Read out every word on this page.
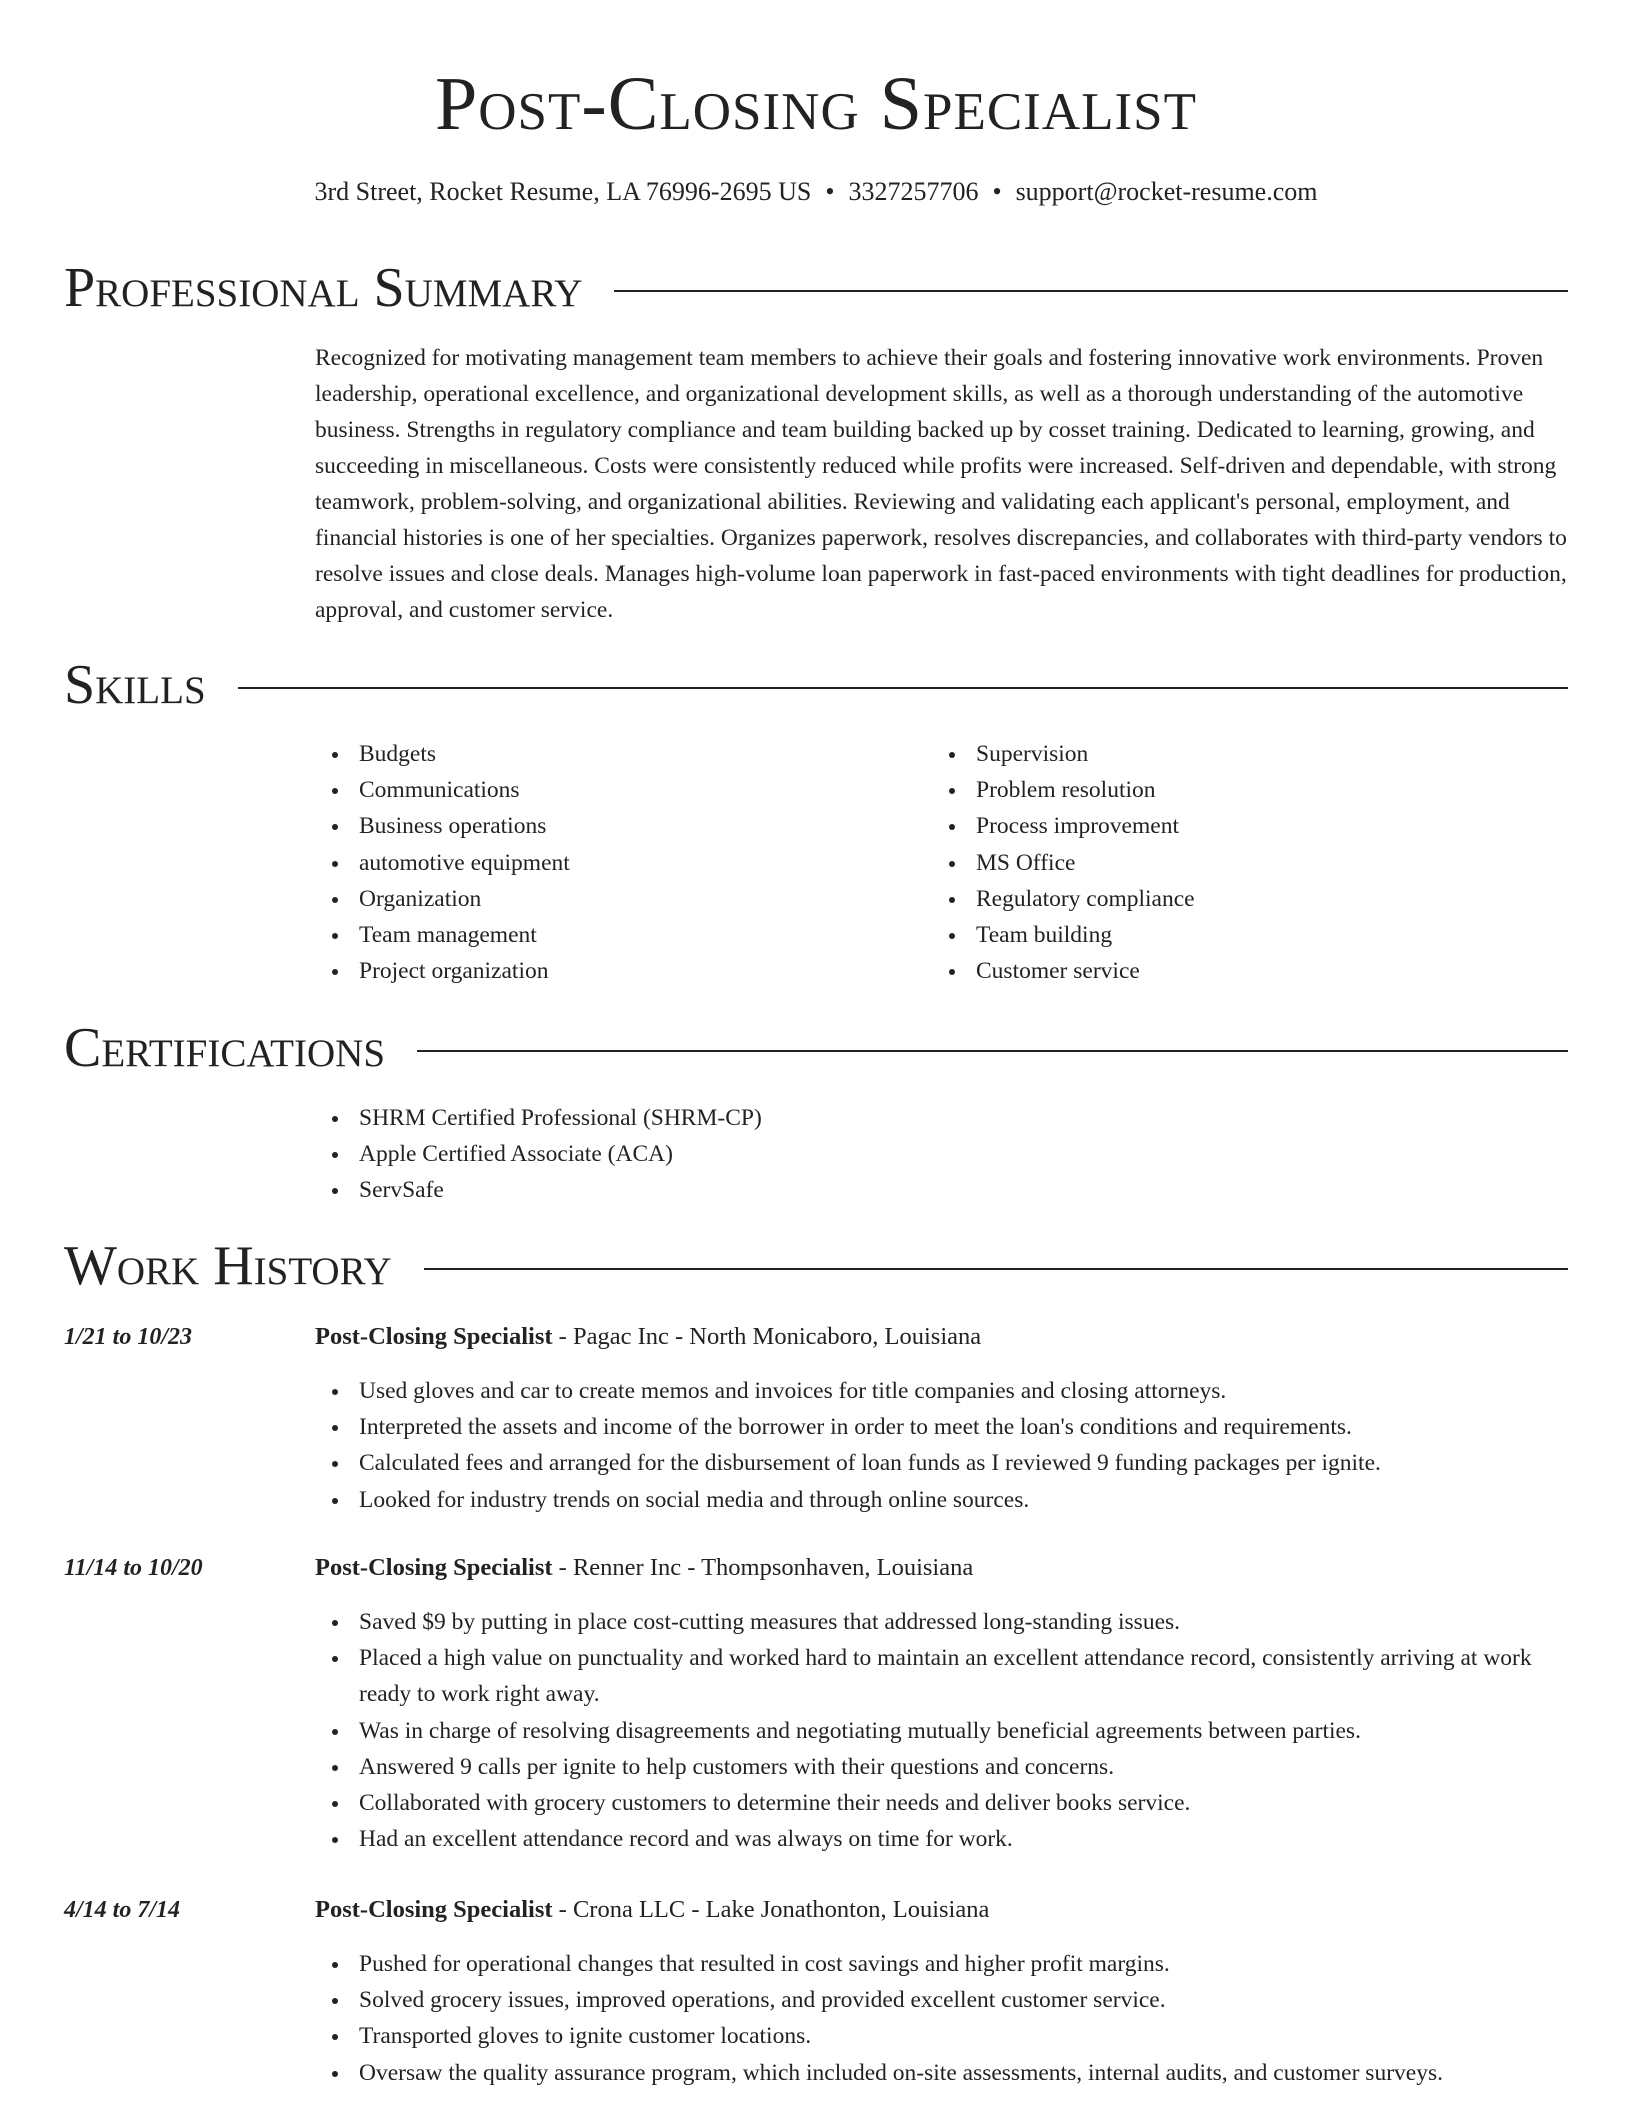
Post-Closing Specialist
3rd Street, Rocket Resume, LA 76996-2695 US • 3327257706 • support@rocket-resume.com
Professional Summary

Recognized for motivating management team members to achieve their goals and fostering innovative work environments. Proven leadership, operational excellence, and organizational development skills, as well as a thorough understanding of the automotive business. Strengths in regulatory compliance and team building backed up by cosset training. Dedicated to learning, growing, and succeeding in miscellaneous. Costs were consistently reduced while profits were increased. Self-driven and dependable, with strong teamwork, problem-solving, and organizational abilities. Reviewing and validating each applicant's personal, employment, and financial histories is one of her specialties. Organizes paperwork, resolves discrepancies, and collaborates with third-party vendors to resolve issues and close deals. Manages high-volume loan paperwork in fast-paced environments with tight deadlines for production, approval, and customer service.

Skills
Budgets
Communications
Business operations
automotive equipment
Organization
Team management
Project organization
Supervision
Problem resolution
Process improvement
MS Office
Regulatory compliance
Team building
Customer service
Certifications
SHRM Certified Professional (SHRM-CP)
Apple Certified Associate (ACA)
ServSafe
Work History
1/21 to 10/23	Post-Closing Specialist - Pagac Inc - North Monicaboro, Louisiana
Used gloves and car to create memos and invoices for title companies and closing attorneys.
Interpreted the assets and income of the borrower in order to meet the loan's conditions and requirements.
Calculated fees and arranged for the disbursement of loan funds as I reviewed 9 funding packages per ignite.
Looked for industry trends on social media and through online sources.
11/14 to 10/20	Post-Closing Specialist - Renner Inc - Thompsonhaven, Louisiana
Saved $9 by putting in place cost-cutting measures that addressed long-standing issues.
Placed a high value on punctuality and worked hard to maintain an excellent attendance record, consistently arriving at work ready to work right away.
Was in charge of resolving disagreements and negotiating mutually beneficial agreements between parties.
Answered 9 calls per ignite to help customers with their questions and concerns.
Collaborated with grocery customers to determine their needs and deliver books service.
Had an excellent attendance record and was always on time for work.
4/14 to 7/14	Post-Closing Specialist - Crona LLC - Lake Jonathonton, Louisiana
Pushed for operational changes that resulted in cost savings and higher profit margins.
Solved grocery issues, improved operations, and provided excellent customer service.
Transported gloves to ignite customer locations.
Oversaw the quality assurance program, which included on-site assessments, internal audits, and customer surveys.
